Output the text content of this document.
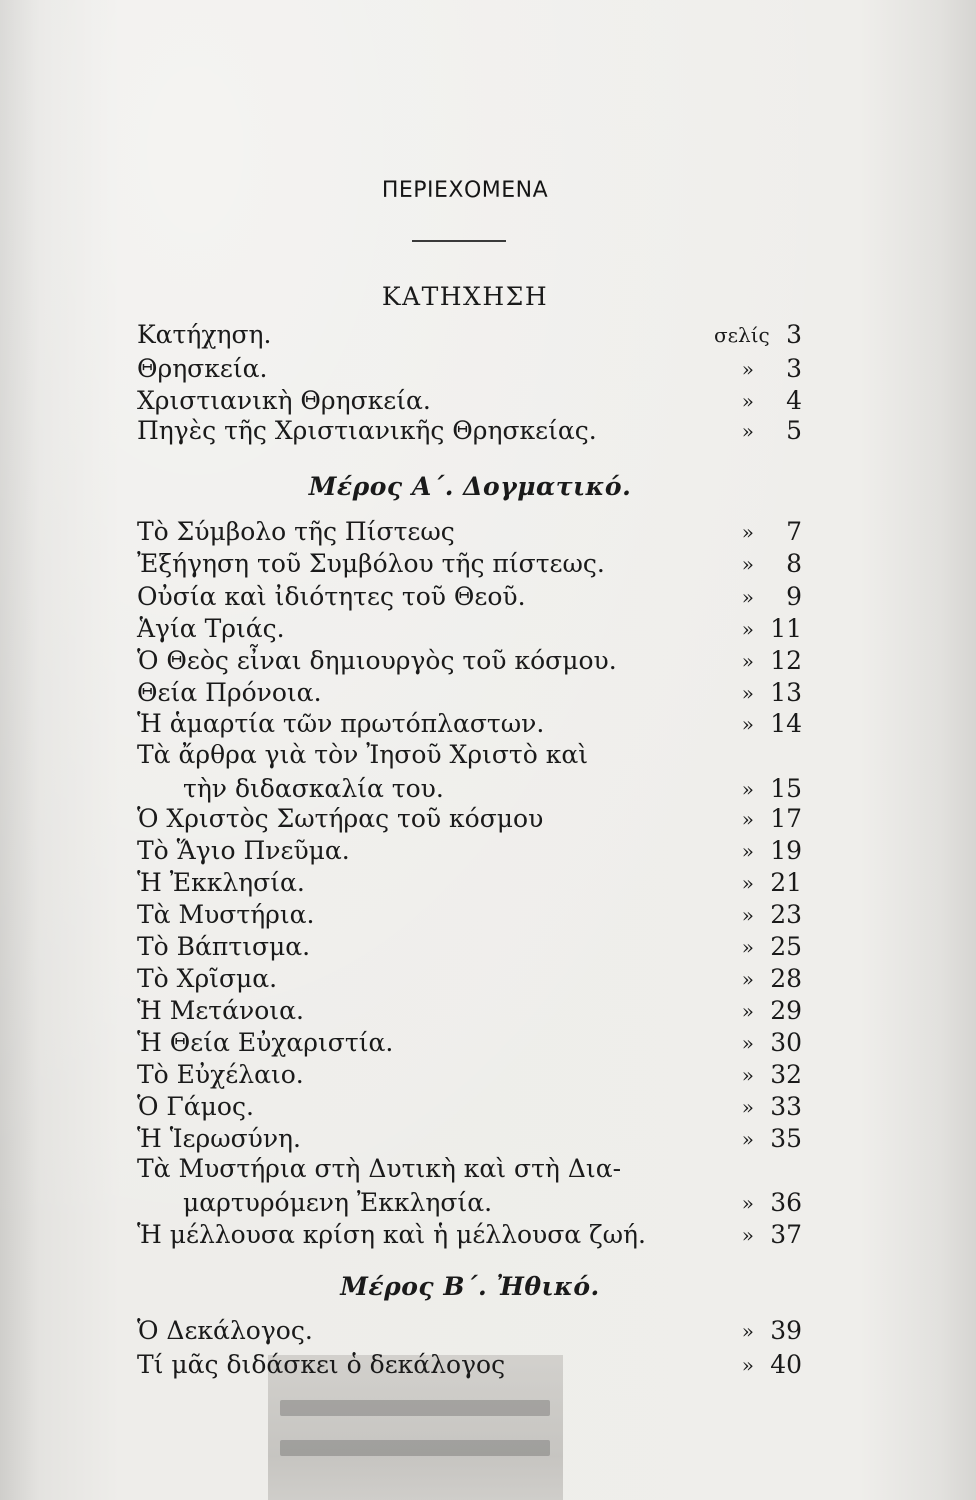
ΠΕΡΙΕΧΟΜΕΝΑ
ΚΑΤΗΧΗΣΗ
Κατήχηση.	σελίς 3
Θρησκεία.	»	3
Χριστιανικὴ Θρησκεία.	»	4
Πηγὲς τῆς Χριστιανικῆς Θρησκείας.	»	5
Μέρος Α΄. Δογματικό.
Τὸ Σύμβολο τῆς Πίστεως	»	7
Ἐξήγηση τοῦ Συμβόλου τῆς πίστεως.	»	8
Οὐσία καὶ ἰδιότητες τοῦ Θεοῦ.	»	9
Ἁγία Τριάς.	» 11
Ὁ Θεὸς εἶναι δημιουργὸς τοῦ κόσμου.	» 12
Θεία Πρόνοια.	» 13
Ἡ ἁμαρτία τῶν πρωτόπλαστων.	» 14
Τὰ ἄρθρα γιὰ τὸν Ἰησοῦ Χριστὸ καὶ
τὴν διδασκαλία του.	» 15
Ὁ Χριστὸς Σωτήρας τοῦ κόσμου	» 17
Τὸ Ἅγιο Πνεῦμα.	» 19
Ἡ Ἐκκλησία.	» 21
Τὰ Μυστήρια.	» 23
Τὸ Βάπτισμα.	» 25
Τὸ Χρῖσμα.	» 28
Ἡ Μετάνοια.	» 29
Ἡ Θεία Εὐχαριστία.	» 30
Τὸ Εὐχέλαιο.	» 32
Ὁ Γάμος.	» 33
Ἡ Ἱερωσύνη.	» 35
Τὰ Μυστήρια στὴ Δυτικὴ καὶ στὴ Δια-
μαρτυρόμενη Ἐκκλησία.	» 36
Ἡ μέλλουσα κρίση καὶ ἡ μέλλουσα ζωή.	» 37
Μέρος Β΄. Ἠθικό.
Ὁ Δεκάλογος.	» 39
Τί μᾶς διδάσκει ὁ δεκάλογος	» 40
